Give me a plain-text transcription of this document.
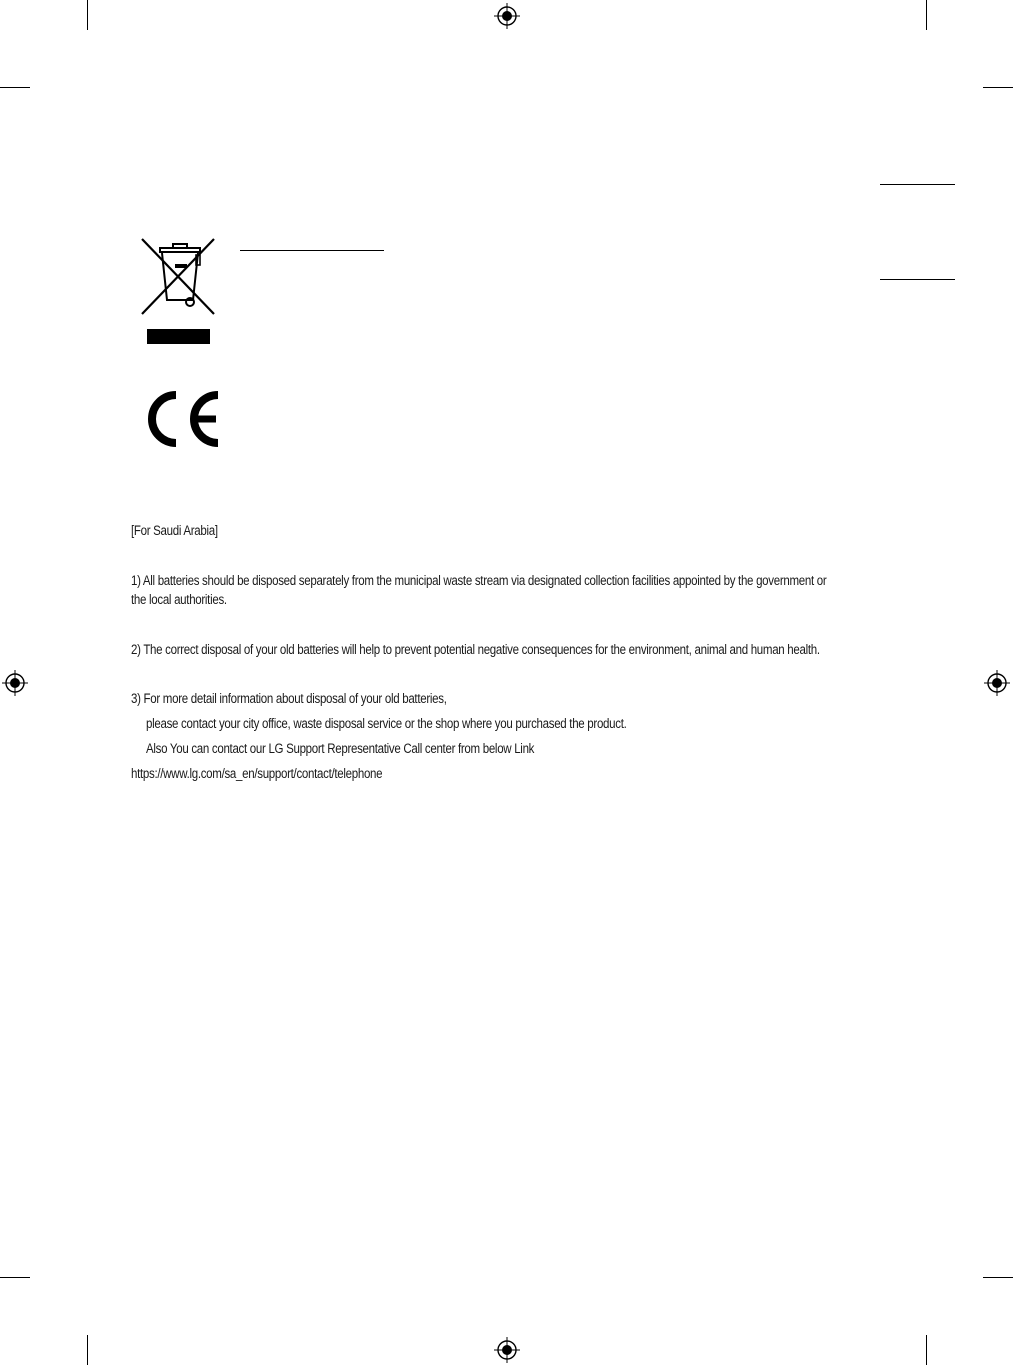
[For Saudi Arabia]
1) All batteries should be disposed separately from the municipal waste stream via designated collection facilities appointed by the government or
the local authorities.
2) The correct disposal of your old batteries will help to prevent potential negative consequences for the environment, animal and human health.
3) For more detail information about disposal of your old batteries,
please contact your city office, waste disposal service or the shop where you purchased the product.
Also You can contact our LG Support Representative Call center from below Link
https://www.lg.com/sa_en/support/contact/telephone
